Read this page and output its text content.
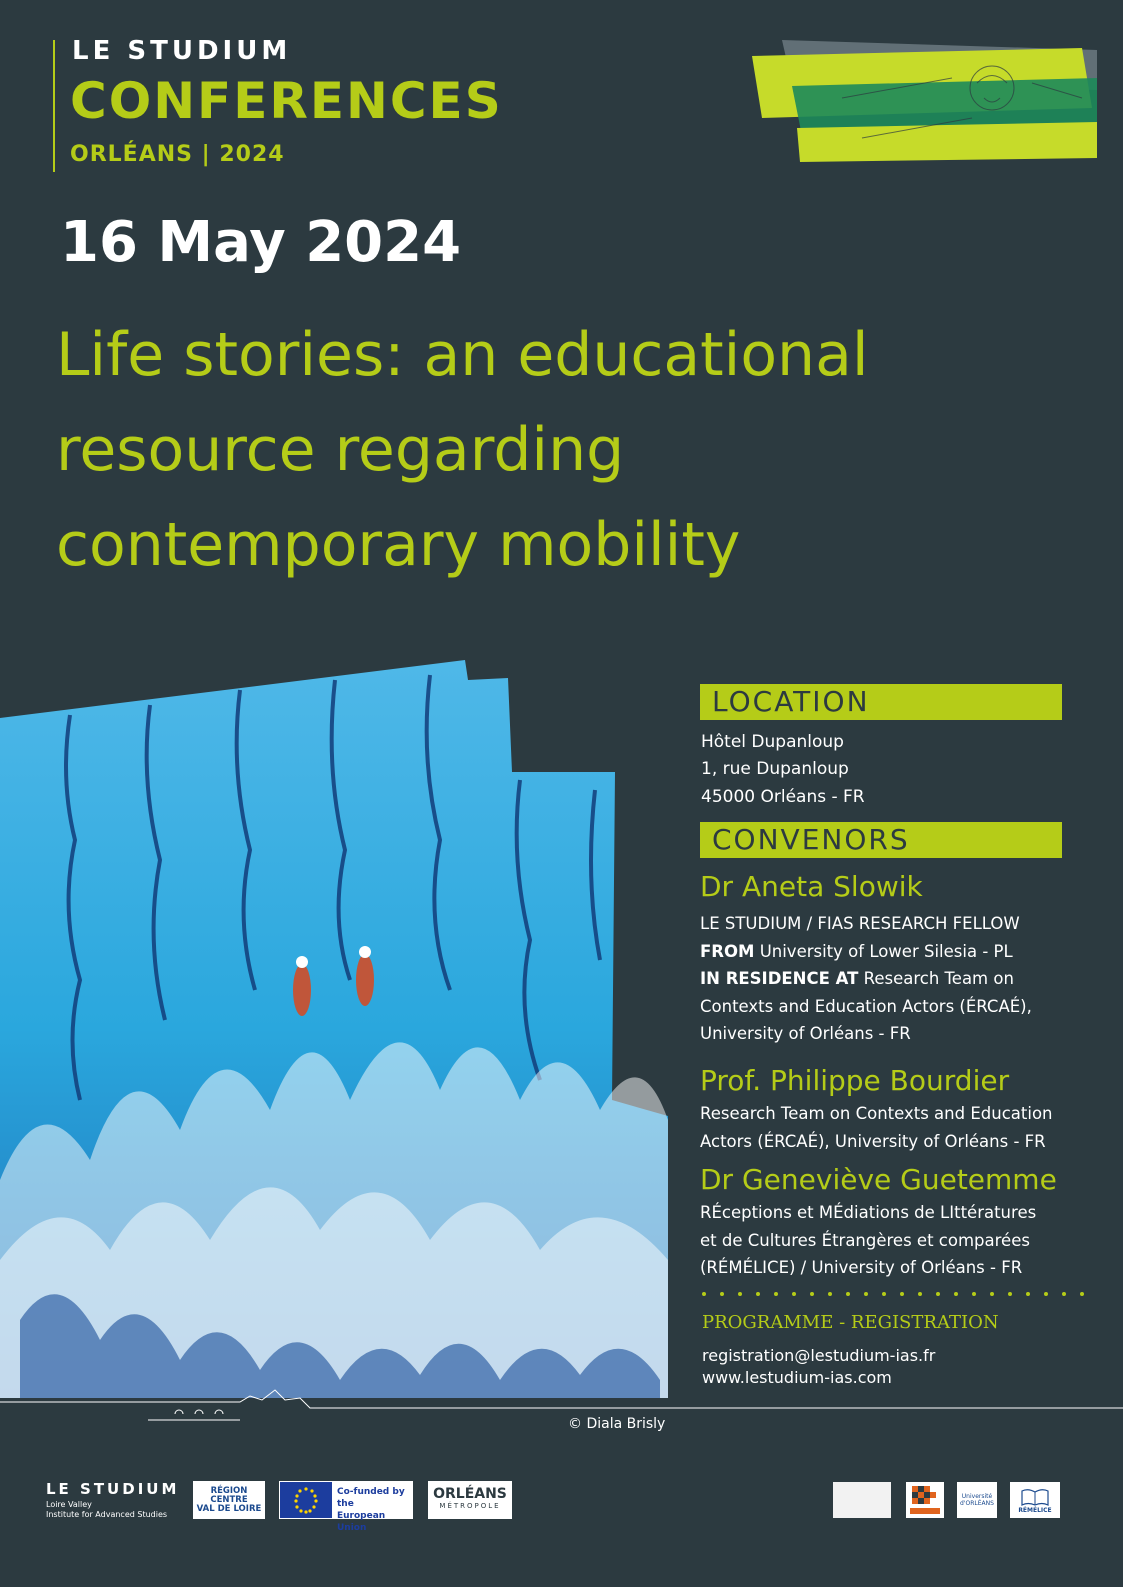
LE STUDIUM
CONFERENCES
ORLÉANS | 2024
16 May 2024
Life stories: an educational resource regarding contemporary mobility
LOCATION
Hôtel Dupanloup
1, rue Dupanloup
45000 Orléans - FR
CONVENORS
Dr Aneta Slowik
LE STUDIUM / FIAS RESEARCH FELLOW
FROM University of Lower Silesia - PL
IN RESIDENCE AT Research Team on
Contexts and Education Actors (ÉRCAÉ),
University of Orléans - FR
Prof. Philippe Bourdier
Research Team on Contexts and Education
Actors (ÉRCAÉ), University of Orléans - FR
Dr Geneviève Guetemme
RÉceptions et MÉdiations de LIttératures
et de Cultures Étrangères et comparées
(RÉMÉLICE) / University of Orléans - FR
PROGRAMME - REGISTRATION
registration@lestudium-ias.fr
www.lestudium-ias.com
© Diala Brisly
LE STUDIUM
Loire Valley
Institute for Advanced Studies
RÉGION
CENTRE
VAL DE LOIRE
Co-funded by the
European Union
ORLÉANS
MÉTROPOLE
Université
d'ORLÉANS
RÉMÉLICE
